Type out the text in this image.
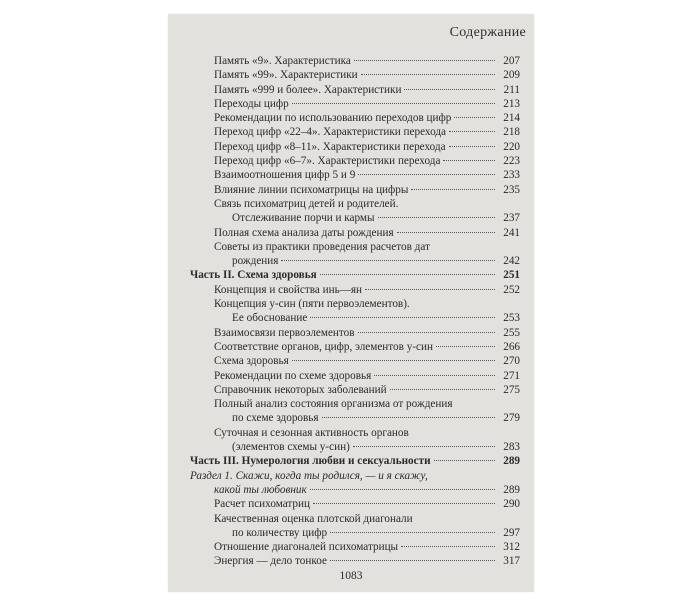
Содержание
Память «9». Характеристика	207
Память «99». Характеристики	209
Память «999 и более». Характеристики	211
Переходы цифр	213
Рекомендации по использованию переходов цифр	214
Переход цифр «22–4». Характеристики перехода	218
Переход цифр «8–11». Характеристики перехода	220
Переход цифр «6–7». Характеристики перехода	223
Взаимоотношения цифр 5 и 9	233
Влияние линии психоматрицы на цифры	235
Связь психоматриц детей и родителей.
Отслеживание порчи и кармы	237
Полная схема анализа даты рождения	241
Советы из практики проведения расчетов дат
рождения	242
Часть II. Схема здоровья	251
Концепция и свойства инь—ян	252
Концепция у-син (пяти первоэлементов).
Ее обоснование	253
Взаимосвязи первоэлементов	255
Соответствие органов, цифр, элементов у-син	266
Схема здоровья	270
Рекомендации по схеме здоровья	271
Справочник некоторых заболеваний	275
Полный анализ состояния организма от рождения
по схеме здоровья	279
Суточная и сезонная активность органов
(элементов схемы у-син)	283
Часть III. Нумерология любви и сексуальности	289
Раздел 1. Скажи, когда ты родился, — и я скажу,
какой ты любовник	289
Расчет психоматриц	290
Качественная оценка плотской диагонали
по количеству цифр	297
Отношение диагоналей психоматрицы	312
Энергия — дело тонкое	317
1083
